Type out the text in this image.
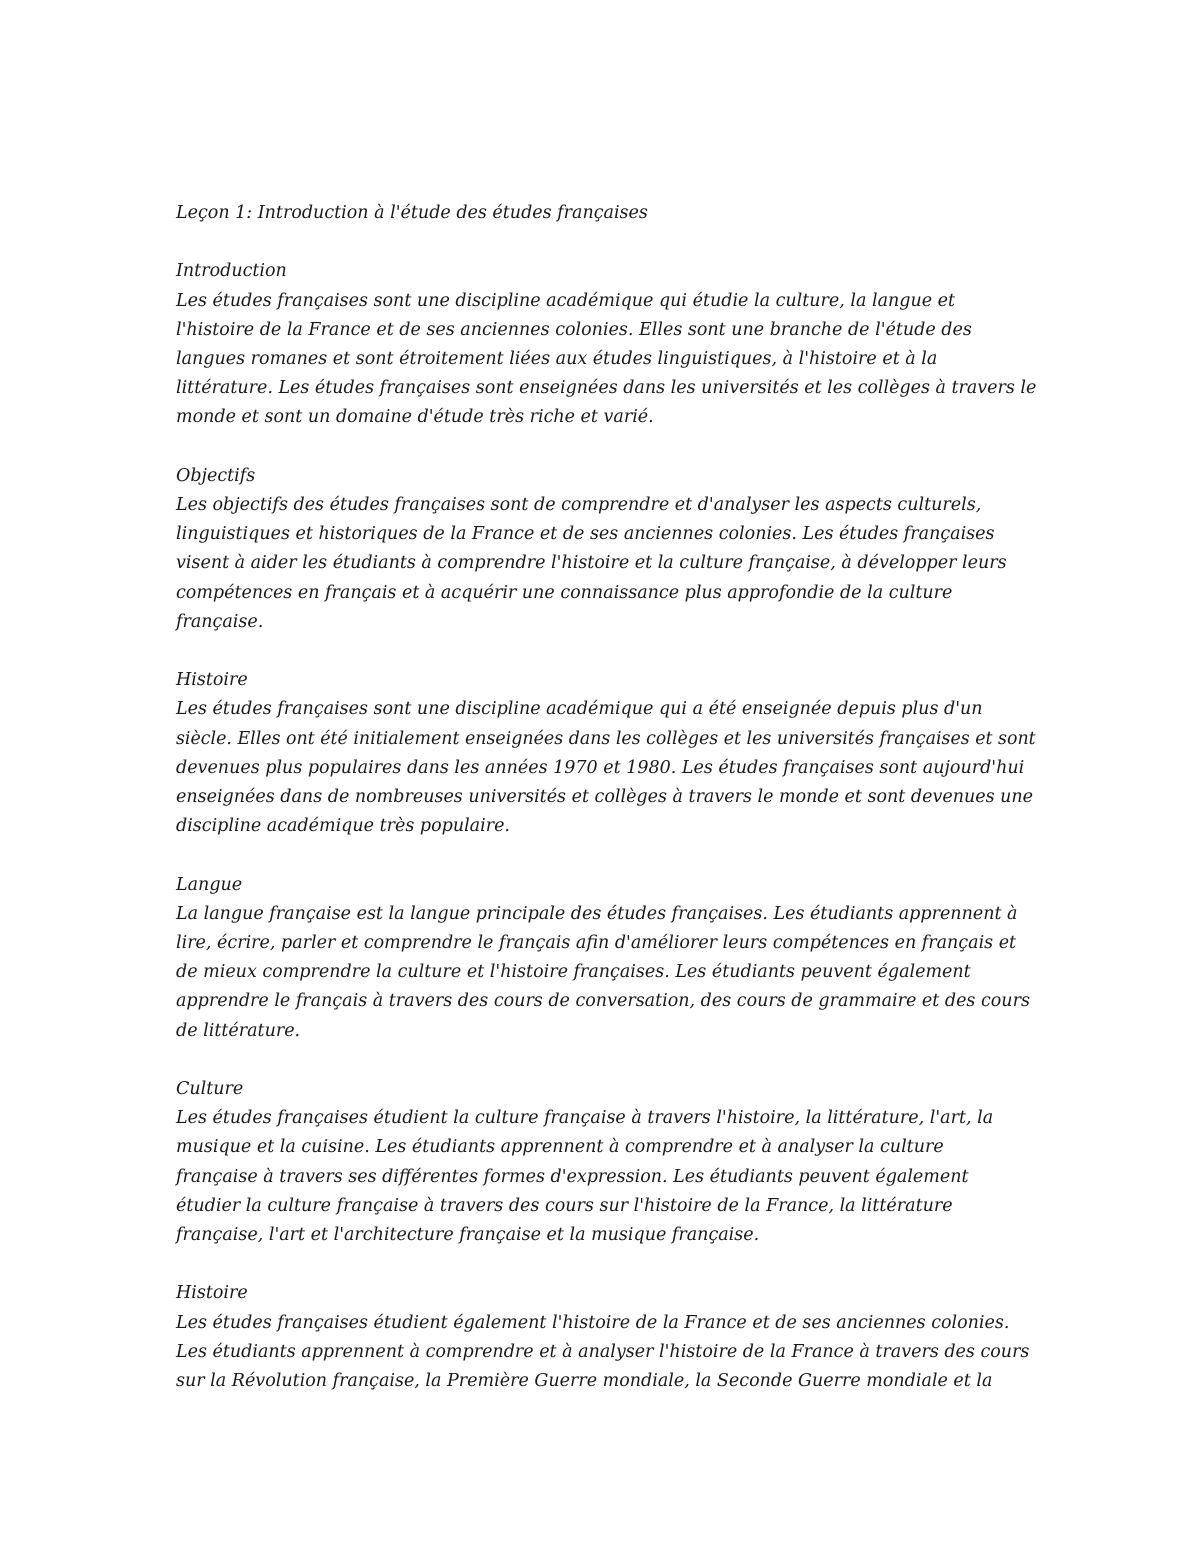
Leçon 1: Introduction à l'étude des études françaises
Introduction
Les études françaises sont une discipline académique qui étudie la culture, la langue et
l'histoire de la France et de ses anciennes colonies. Elles sont une branche de l'étude des
langues romanes et sont étroitement liées aux études linguistiques, à l'histoire et à la
littérature. Les études françaises sont enseignées dans les universités et les collèges à travers le
monde et sont un domaine d'étude très riche et varié.
Objectifs
Les objectifs des études françaises sont de comprendre et d'analyser les aspects culturels,
linguistiques et historiques de la France et de ses anciennes colonies. Les études françaises
visent à aider les étudiants à comprendre l'histoire et la culture française, à développer leurs
compétences en français et à acquérir une connaissance plus approfondie de la culture
française.
Histoire
Les études françaises sont une discipline académique qui a été enseignée depuis plus d'un
siècle. Elles ont été initialement enseignées dans les collèges et les universités françaises et sont
devenues plus populaires dans les années 1970 et 1980. Les études françaises sont aujourd'hui
enseignées dans de nombreuses universités et collèges à travers le monde et sont devenues une
discipline académique très populaire.
Langue
La langue française est la langue principale des études françaises. Les étudiants apprennent à
lire, écrire, parler et comprendre le français afin d'améliorer leurs compétences en français et
de mieux comprendre la culture et l'histoire françaises. Les étudiants peuvent également
apprendre le français à travers des cours de conversation, des cours de grammaire et des cours
de littérature.
Culture
Les études françaises étudient la culture française à travers l'histoire, la littérature, l'art, la
musique et la cuisine. Les étudiants apprennent à comprendre et à analyser la culture
française à travers ses différentes formes d'expression. Les étudiants peuvent également
étudier la culture française à travers des cours sur l'histoire de la France, la littérature
française, l'art et l'architecture française et la musique française.
Histoire
Les études françaises étudient également l'histoire de la France et de ses anciennes colonies.
Les étudiants apprennent à comprendre et à analyser l'histoire de la France à travers des cours
sur la Révolution française, la Première Guerre mondiale, la Seconde Guerre mondiale et la
